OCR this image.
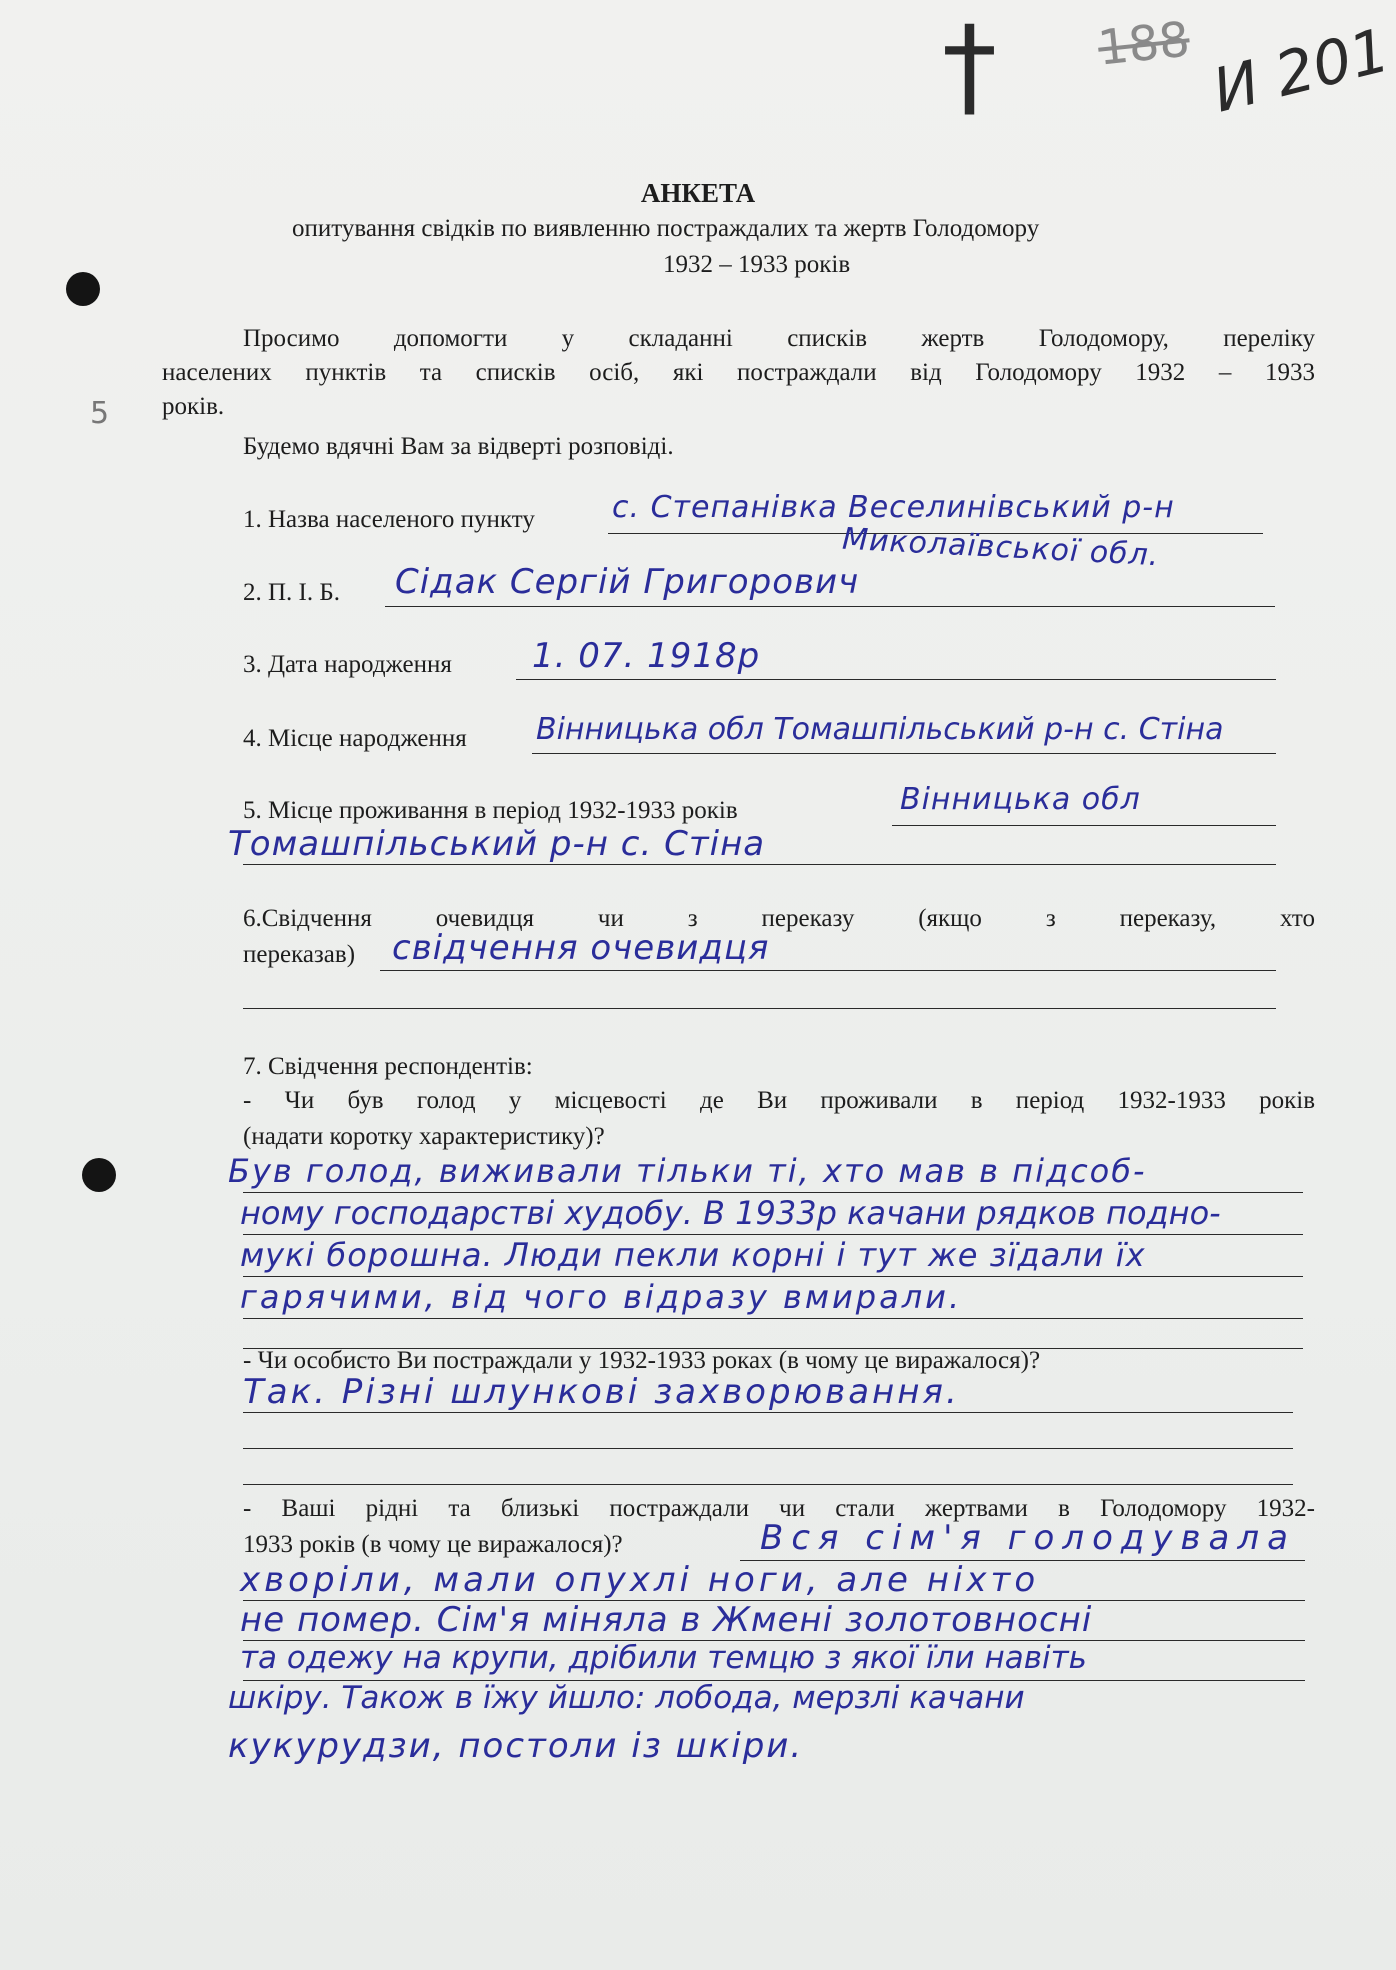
† 188 И 201
АНКЕТА
опитування свідків по виявленню постраждалих та жертв Голодомору
1932 – 1933 років
Просимо допомогти у складанні списків жертв Голодомору, переліку
населених пунктів та списків осіб, які постраждали від Голодомору 1932 – 1933
років.
5
Будемо вдячні Вам за відверті розповіді.
1. Назва населеного пункту	с. Степанівка Веселинівський р-н
Миколаївської обл.
2. П. І. Б. Сідак Сергій Григорович
3. Дата народження 1. 07. 1918р
4. Місце народження Вінницька обл Томашпільський р-н с. Стіна
5. Місце проживання в період 1932-1933 років	Вінницька обл
Томашпільський р-н с. Стіна
6.Свідчення очевидця чи з переказу (якщо з переказу, хто
переказав) свідчення очевидця
7. Свідчення респондентів:
- Чи був голод у місцевості де Ви проживали в період 1932-1933 років
(надати коротку характеристику)?
Був голод, виживали тільки ті, хто мав в підсоб-
ному господарстві худобу. В 1933р качани рядков подно-
мукі борошна. Люди пекли корні і тут же зїдали їх
гарячими, від чого відразу вмирали.
- Чи особисто Ви постраждали у 1932-1933 роках (в чому це виражалося)?
Так. Різні шлункові захворювання.
- Ваші рідні та близькі постраждали чи стали жертвами в Голодомору 1932-
1933 років (в чому це виражалося)?	Вся сім'я голодувала
хворіли, мали опухлі ноги, але ніхто
не помер. Сім'я міняла в Жмені золотовносні
та одежу на крупи, дрібили темцю з якої їли навіть
шкіру. Також в їжу йшло: лобода, мерзлі качани
кукурудзи, постоли із шкіри.
